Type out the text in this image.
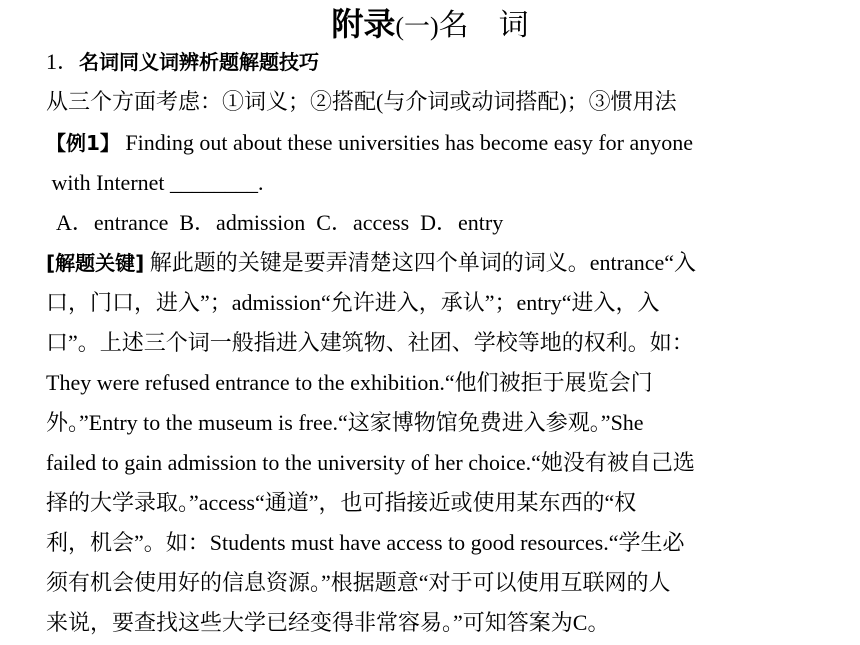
附录(一)名　词
1．名词同义词辨析题解题技巧
从三个方面考虑：①词义；②搭配(与介词或动词搭配)；③惯用法
【例1】 Finding out about these universities has become easy for anyone
with Internet ________.
A．entrance  B．admission  C．access  D．entry
[解题关键] 解此题的关键是要弄清楚这四个单词的词义。entrance“入
口，门口，进入”；admission“允许进入，承认”；entry“进入，入
口”。上述三个词一般指进入建筑物、社团、学校等地的权利。如：
They were refused entrance to the exhibition.“他们被拒于展览会门
外。”Entry to the museum is free.“这家博物馆免费进入参观。”She
failed to gain admission to the university of her choice.“她没有被自己选
择的大学录取。”access“通道”，也可指接近或使用某东西的“权
利，机会”。如：Students must have access to good resources.“学生必
须有机会使用好的信息资源。”根据题意“对于可以使用互联网的人
来说，要查找这些大学已经变得非常容易。”可知答案为C。
